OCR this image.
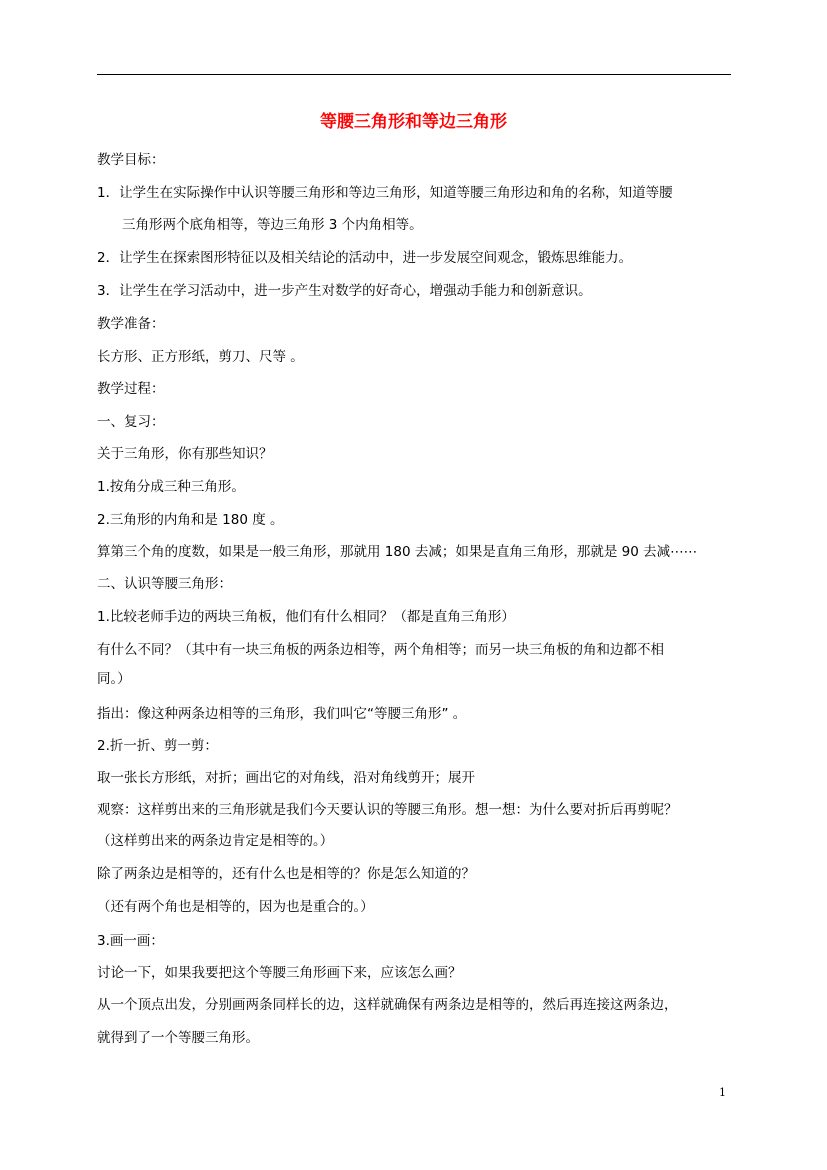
等腰三角形和等边三角形

教学目标：

1．让学生在实际操作中认识等腰三角形和等边三角形，知道等腰三角形边和角的名称，知道等腰

三角形两个底角相等，等边三角形 3 个内角相等。

2．让学生在探索图形特征以及相关结论的活动中，进一步发展空间观念，锻炼思维能力。

3．让学生在学习活动中，进一步产生对数学的好奇心，增强动手能力和创新意识。

教学准备：

长方形、正方形纸，剪刀、尺等 。

教学过程：

一、复习：

关于三角形，你有那些知识？

1.按角分成三种三角形。

2.三角形的内角和是 180 度 。

算第三个角的度数，如果是一般三角形，那就用 180 去减；如果是直角三角形，那就是 90 去减⋯⋯

二、认识等腰三角形：

1.比较老师手边的两块三角板，他们有什么相同？（都是直角三角形）

有什么不同？（其中有一块三角板的两条边相等，两个角相等；而另一块三角板的角和边都不相

同。）

指出：像这种两条边相等的三角形，我们叫它“等腰三角形” 。

2.折一折、剪一剪：

取一张长方形纸，对折；画出它的对角线，沿对角线剪开；展开

观察：这样剪出来的三角形就是我们今天要认识的等腰三角形。想一想：为什么要对折后再剪呢？

（这样剪出来的两条边肯定是相等的。）

除了两条边是相等的，还有什么也是相等的？你是怎么知道的？

（还有两个角也是相等的，因为也是重合的。）

3.画一画：

讨论一下，如果我要把这个等腰三角形画下来，应该怎么画？

从一个顶点出发，分别画两条同样长的边，这样就确保有两条边是相等的，然后再连接这两条边，

就得到了一个等腰三角形。

1
